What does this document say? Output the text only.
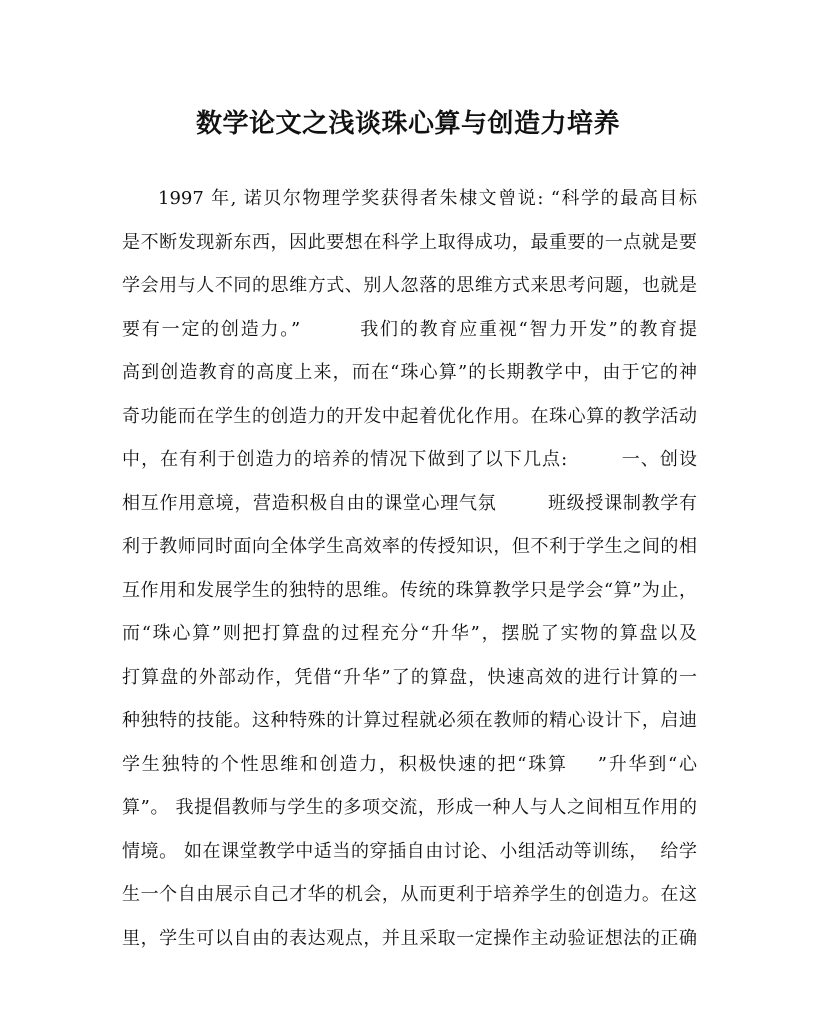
数学论文之浅谈珠心算与创造力培养
1997 年, 诺贝尔物理学奖获得者朱棣文曾说: “科学的最高目标
是不断发现新东西，因此要想在科学上取得成功，最重要的一点就是要
学会用与人不同的思维方式、别人忽落的思维方式来思考问题，也就是
要有一定的创造力。”        我们的教育应重视“智力开发”的教育提
高到创造教育的高度上来，而在“珠心算”的长期教学中，由于它的神
奇功能而在学生的创造力的开发中起着优化作用。在珠心算的教学活动
中，在有利于创造力的培养的情况下做到了以下几点:        一、创设
相互作用意境，营造积极自由的课堂心理气氛        班级授课制教学有
利于教师同时面向全体学生高效率的传授知识，但不利于学生之间的相
互作用和发展学生的独特的思维。传统的珠算教学只是学会“算”为止，
而“珠心算”则把打算盘的过程充分“升华”，摆脱了实物的算盘以及
打算盘的外部动作，凭借“升华”了的算盘，快速高效的进行计算的一
种独特的技能。这种特殊的计算过程就必须在教师的精心设计下，启迪
学生独特的个性思维和创造力，积极快速的把“珠算    ”升华到“心
算”。 我提倡教师与学生的多项交流，形成一种人与人之间相互作用的
情境。 如在课堂教学中适当的穿插自由讨论、小组活动等训练，  给学
生一个自由展示自己才华的机会，从而更利于培养学生的创造力。在这
里，学生可以自由的表达观点，并且采取一定操作主动验证想法的正确
